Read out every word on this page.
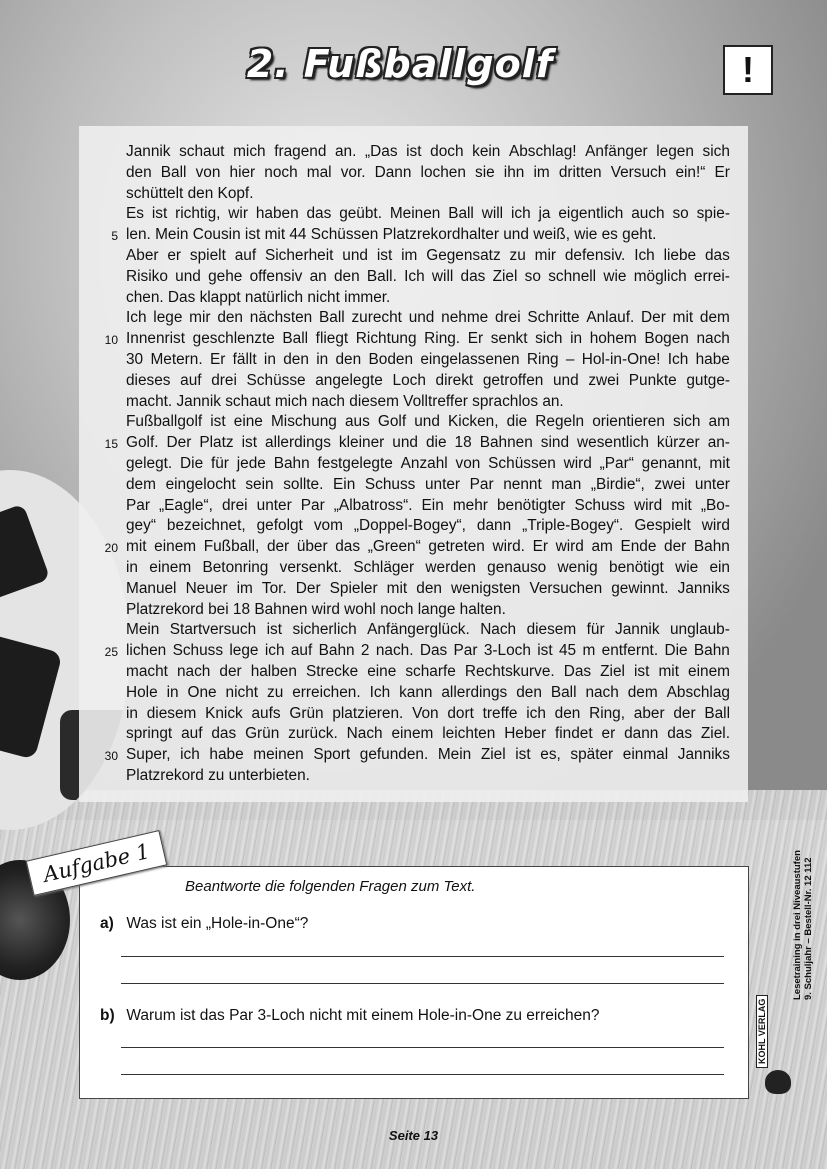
2. Fußballgolf	!
Jannik schaut mich fragend an. „Das ist doch kein Abschlag! Anfänger legen sich
den Ball von hier noch mal vor. Dann lochen sie ihn im dritten Versuch ein!“ Er
schüttelt den Kopf.
Es ist richtig, wir haben das geübt. Meinen Ball will ich ja eigentlich auch so spie-
len. Mein Cousin ist mit 44 Schüssen Platzrekordhalter und weiß, wie es geht.
Aber er spielt auf Sicherheit und ist im Gegensatz zu mir defensiv. Ich liebe das
Risiko und gehe offensiv an den Ball. Ich will das Ziel so schnell wie möglich errei-
chen. Das klappt natürlich nicht immer.
Ich lege mir den nächsten Ball zurecht und nehme drei Schritte Anlauf. Der mit dem
Innenrist geschlenzte Ball fliegt Richtung Ring. Er senkt sich in hohem Bogen nach
30 Metern. Er fällt in den in den Boden eingelassenen Ring – Hol-in-One! Ich habe
dieses auf drei Schüsse angelegte Loch direkt getroffen und zwei Punkte gutge-
macht. Jannik schaut mich nach diesem Volltreffer sprachlos an.
Fußballgolf ist eine Mischung aus Golf und Kicken, die Regeln orientieren sich am
Golf. Der Platz ist allerdings kleiner und die 18 Bahnen sind wesentlich kürzer an-
gelegt. Die für jede Bahn festgelegte Anzahl von Schüssen wird „Par“ genannt, mit
dem eingelocht sein sollte. Ein Schuss unter Par nennt man „Birdie“, zwei unter
Par „Eagle“, drei unter Par „Albatross“. Ein mehr benötigter Schuss wird mit „Bo-
gey“ bezeichnet, gefolgt vom „Doppel-Bogey“, dann „Triple-Bogey“. Gespielt wird
mit einem Fußball, der über das „Green“ getreten wird. Er wird am Ende der Bahn
in einem Betonring versenkt. Schläger werden genauso wenig benötigt wie ein
Manuel Neuer im Tor. Der Spieler mit den wenigsten Versuchen gewinnt. Janniks
Platzrekord bei 18 Bahnen wird wohl noch lange halten.
Mein Startversuch ist sicherlich Anfängerglück. Nach diesem für Jannik unglaub-
lichen Schuss lege ich auf Bahn 2 nach. Das Par 3-Loch ist 45 m entfernt. Die Bahn
macht nach der halben Strecke eine scharfe Rechtskurve. Das Ziel ist mit einem
Hole in One nicht zu erreichen. Ich kann allerdings den Ball nach dem Abschlag
in diesem Knick aufs Grün platzieren. Von dort treffe ich den Ring, aber der Ball
springt auf das Grün zurück. Nach einem leichten Heber findet er dann das Ziel.
Super, ich habe meinen Sport gefunden. Mein Ziel ist es, später einmal Janniks
Platzrekord zu unterbieten.
5
10
15
20
25
30
Aufgabe 1	Beantworte die folgenden Fragen zum Text.
a) Was ist ein „Hole-in-One“?
b) Warum ist das Par 3-Loch nicht mit einem Hole-in-One zu erreichen?
Lesetraining in drei Niveaustufen 9. Schuljahr – Bestell-Nr. 12 112
KOHL VERLAG
Seite 13
